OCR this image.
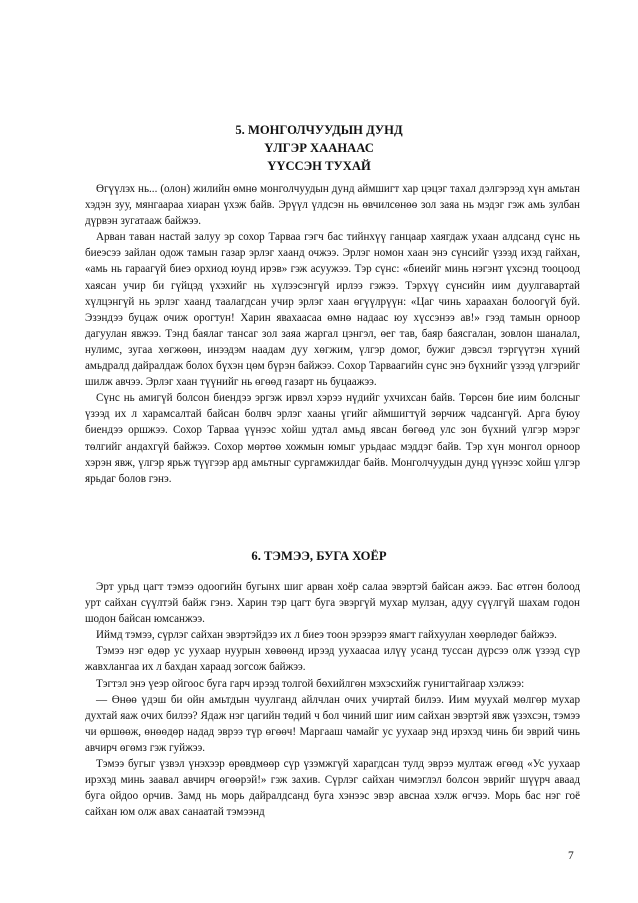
5. МОНГОЛЧУУДЫН ДУНД
ҮЛГЭР ХААНААС
ҮҮССЭН ТУХАЙ

Өгүүлэх нь... (олон) жилийн өмнө монголчуудын дунд аймшигт хар цэцэг тахал дэлгэрээд хүн амьтан хэдэн зуу, мянгаараа хиаран үхэж байв. Эрүүл үлдсэн нь өвчилсөнөө зол заяа нь мэдэг гэж амь зулбан дүрвэн зугатааж байжээ.

Арван таван настай залуу эр сохор Тарваа гэгч бас тийнхүү ганцаар хаягдаж ухаан алдсанд сүнс нь биеэсээ зайлан одож тамын газар эрлэг хаанд очжээ. Эрлэг номон хаан энэ сүнсийг үзээд ихэд гайхан, «амь нь гараагүй биеэ орхиод юунд ирэв» гэж асуужээ. Тэр сүнс: «биеийг минь нэгэнт үхсэнд тооцоод хаясан учир би гүйцэд үхэхийг нь хүлээсэнгүй ирлээ гэжээ. Тэрхүү сүнсийн иим дуулгавартай хүлцэнгүй нь эрлэг хаанд таалагдсан учир эрлэг хаан өгүүлрүүн: «Цаг чинь хараахан болоогүй буй. Эзэндээ буцаж очиж орогтун! Харин явахаасаа өмнө надаас юу хүссэнээ ав!» гээд тамын орноор дагуулан явжээ. Тэнд баялаг тансаг зол заяа жаргал цэнгэл, өег тав, баяр баясгалан, зовлон шаналал, нулимс, зугаа хөгжөөн, инээдэм наадам дуу хөгжим, үлгэр домог, бужиг дэвсэл тэргүүтэн хүний амьдралд дайралдаж болох бүхэн цөм бүрэн байжээ. Сохор Тарваагийн сүнс энэ бүхнийг үзээд үлгэрийг шилж авчээ. Эрлэг хаан түүнийг нь өгөөд газарт нь буцаажээ.

Сүнс нь амигүй болсон биендээ эргэж ирвэл хэрээ нүдийг ухчихсан байв. Төрсөн бие иим болсныг үзээд их л харамсалтай байсан болвч эрлэг хааны үгийг аймшигтүй зөрчиж чадсангүй. Арга буюу биендээ оршжээ. Сохор Тарваа үүнээс хойш удтал амьд явсан бөгөөд улс зон бүхний үлгэр мэрэг төлгийг андахгүй байжээ. Сохор мөртөө хожмын юмыг урьдаас мэддэг байв. Тэр хүн монгол орноор хэрэн явж, үлгэр ярьж түүгээр ард амьтныг сургамжилдаг байв. Монголчуудын дунд үүнээс хойш үлгэр ярьдаг болов гэнэ.

6. ТЭМЭЭ, БУГА ХОЁР

Эрт урьд цагт тэмээ одоогийн бугынх шиг арван хоёр салаа эвэртэй байсан ажээ. Бас өтгөн болоод урт сайхан сүүлтэй байж гэнэ. Харин тэр цагт буга эвэргүй мухар мулзан, адуу сүүлгүй шахам годон шодон байсан юмсанжээ.

Иймд тэмээ, сүрлэг сайхан эвэртэйдээ их л биеэ тоон эрээрээ ямагт гайхуулан хөөрлөдөг байжээ.

Тэмээ нэг өдөр ус уухаар нуурын хөвөөнд ирээд уухаасаа илүү усанд туссан дүрсээ олж үзээд сүр жавхлангаа их л бахдан хараад зогсож байжээ.

Тэгтэл энэ үеэр ойгоос буга гарч ирээд толгой бөхийлгөн мэхэсхийж гунигтайгаар хэлжээ:

— Өнөө үдэш би ойн амьтдын чуулганд айлчлан очих учиртай билээ. Иим муухай мөлгөр мухар духтай яаж очих билээ? Ядаж нэг цагийн төдий ч бол чиний шиг иим сайхан эвэртэй явж үзэхсэн, тэмээ чи өршөөж, өнөөдөр надад эврээ түр өгөөч! Маргааш чамайг ус уухаар энд ирэхэд чинь би эврий чинь авчирч өгөмз гэж гуйжээ.

Тэмээ бугыг үзвэл үнэхээр өрөвдмөөр сүр үзэмжгүй харагдсан тулд эврээ мултаж өгөөд «Ус уухаар ирэхэд минь заавал авчирч өгөөрэй!» гэж захив. Сүрлэг сайхан чимэглэл болсон эврийг шүүрч аваад буга ойдоо орчив. Замд нь морь дайралдсанд буга хэнээс эвэр авснаа хэлж өгчээ. Морь бас нэг гоё сайхан юм олж авах санаатай тэмээнд

7
